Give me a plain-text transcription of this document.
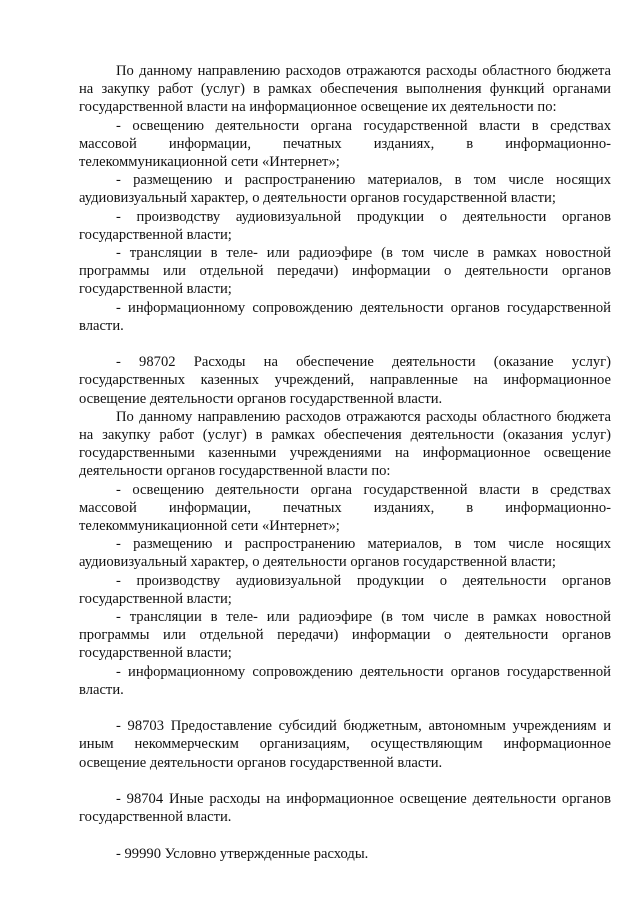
По данному направлению расходов отражаются расходы областного бюджета на закупку работ (услуг) в рамках обеспечения выполнения функций органами государственной власти на информационное освещение их деятельности по:

- освещению деятельности органа государственной власти в средствах массовой информации, печатных изданиях, в информационно-телекоммуникационной сети «Интернет»;

- размещению и распространению материалов, в том числе носящих аудиовизуальный характер, о деятельности органов государственной власти;

- производству аудиовизуальной продукции о деятельности органов государственной власти;

- трансляции в теле- или радиоэфире (в том числе в рамках новостной программы или отдельной передачи) информации о деятельности органов государственной власти;

- информационному сопровождению деятельности органов государственной власти.

- 98702 Расходы на обеспечение деятельности (оказание услуг) государственных казенных учреждений, направленные на информационное освещение деятельности органов государственной власти.

По данному направлению расходов отражаются расходы областного бюджета на закупку работ (услуг) в рамках обеспечения деятельности (оказания услуг) государственными казенными учреждениями на информационное освещение деятельности органов государственной власти по:

- освещению деятельности органа государственной власти в средствах массовой информации, печатных изданиях, в информационно-телекоммуникационной сети «Интернет»;

- размещению и распространению материалов, в том числе носящих аудиовизуальный характер, о деятельности органов государственной власти;

- производству аудиовизуальной продукции о деятельности органов государственной власти;

- трансляции в теле- или радиоэфире (в том числе в рамках новостной программы или отдельной передачи) информации о деятельности органов государственной власти;

- информационному сопровождению деятельности органов государственной власти.

- 98703 Предоставление субсидий бюджетным, автономным учреждениям и иным некоммерческим организациям, осуществляющим информационное освещение деятельности органов государственной власти.

- 98704 Иные расходы на информационное освещение деятельности органов государственной власти.

- 99990 Условно утвержденные расходы.
